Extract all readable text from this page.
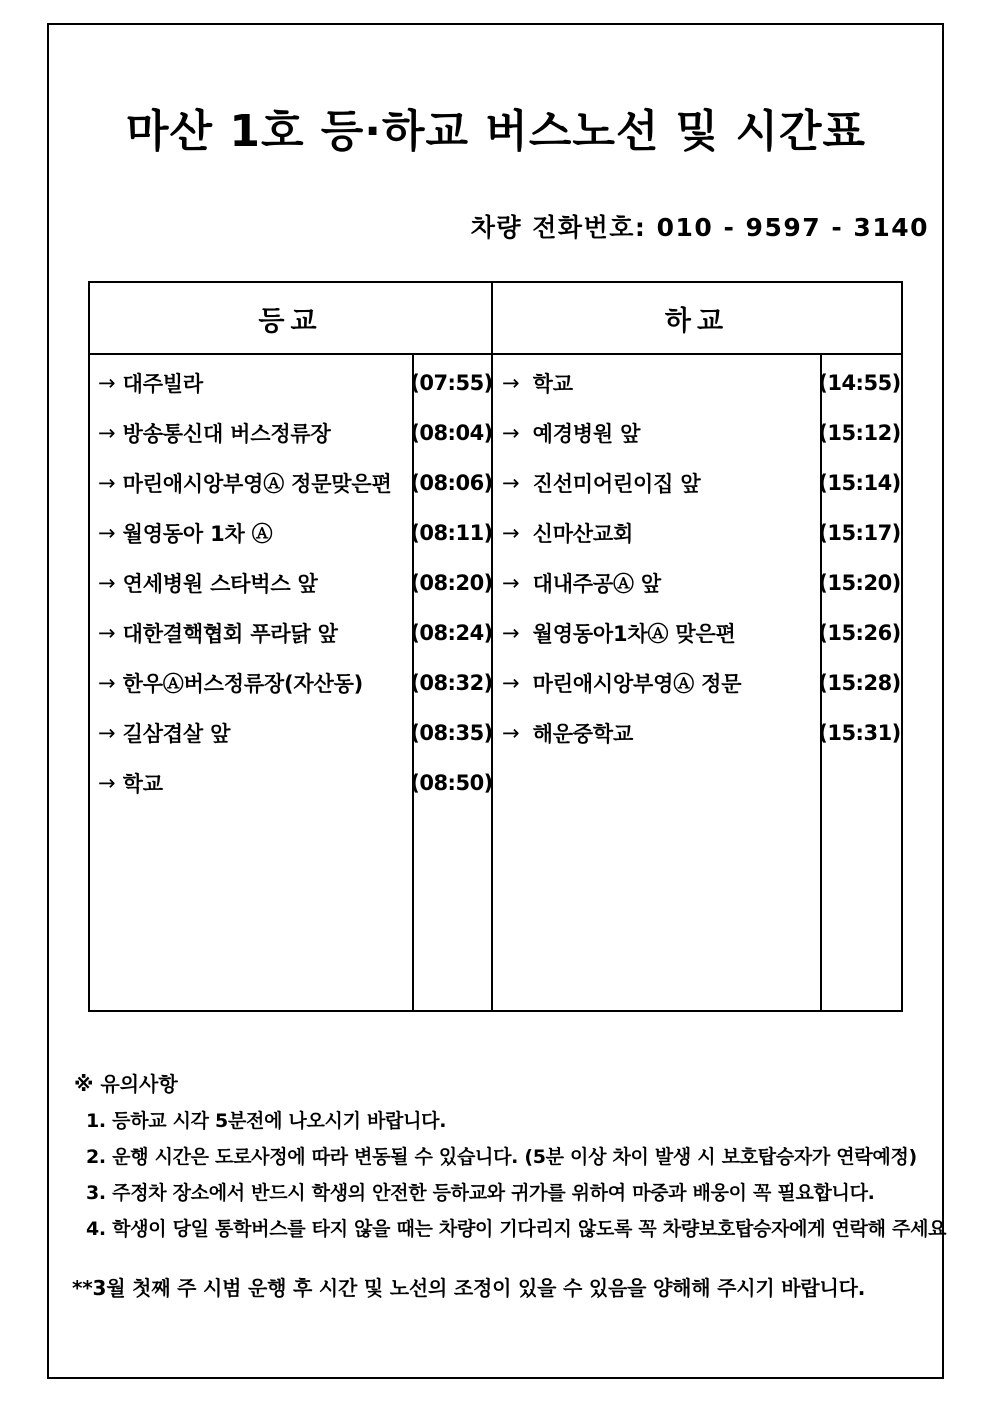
마산 1호 등·하교 버스노선 및 시간표
차량 전화번호: 010 - 9597 - 3140
등교
→ 대주빌라	(07:55)
→ 방송통신대 버스정류장	(08:04)
→ 마린애시앙부영Ⓐ 정문맞은편 (08:06)
→ 월영동아 1차 Ⓐ	(08:11)
→ 연세병원 스타벅스 앞	(08:20)
→ 대한결핵협회 푸라닭 앞	(08:24)
→ 한우Ⓐ버스정류장(자산동)	(08:32)
→ 길삼겹살 앞	(08:35)
→ 학교	(08:50)
하교
→ 학교	(14:55)
→ 예경병원 앞	(15:12)
→ 진선미어린이집 앞	(15:14)
→ 신마산교회	(15:17)
→ 대내주공Ⓐ 앞	(15:20)
→ 월영동아1차Ⓐ 맞은편	(15:26)
→ 마린애시앙부영Ⓐ 정문	(15:28)
→ 해운중학교	(15:31)
※ 유의사항
1. 등하교 시각 5분전에 나오시기 바랍니다.
2. 운행 시간은 도로사정에 따라 변동될 수 있습니다. (5분 이상 차이 발생 시 보호탑승자가 연락예정)
3. 주정차 장소에서 반드시 학생의 안전한 등하교와 귀가를 위하여 마중과 배웅이 꼭 필요합니다.
4. 학생이 당일 통학버스를 타지 않을 때는 차량이 기다리지 않도록 꼭 차량보호탑승자에게 연락해 주세요
**3월 첫째 주 시범 운행 후 시간 및 노선의 조정이 있을 수 있음을 양해해 주시기 바랍니다.
